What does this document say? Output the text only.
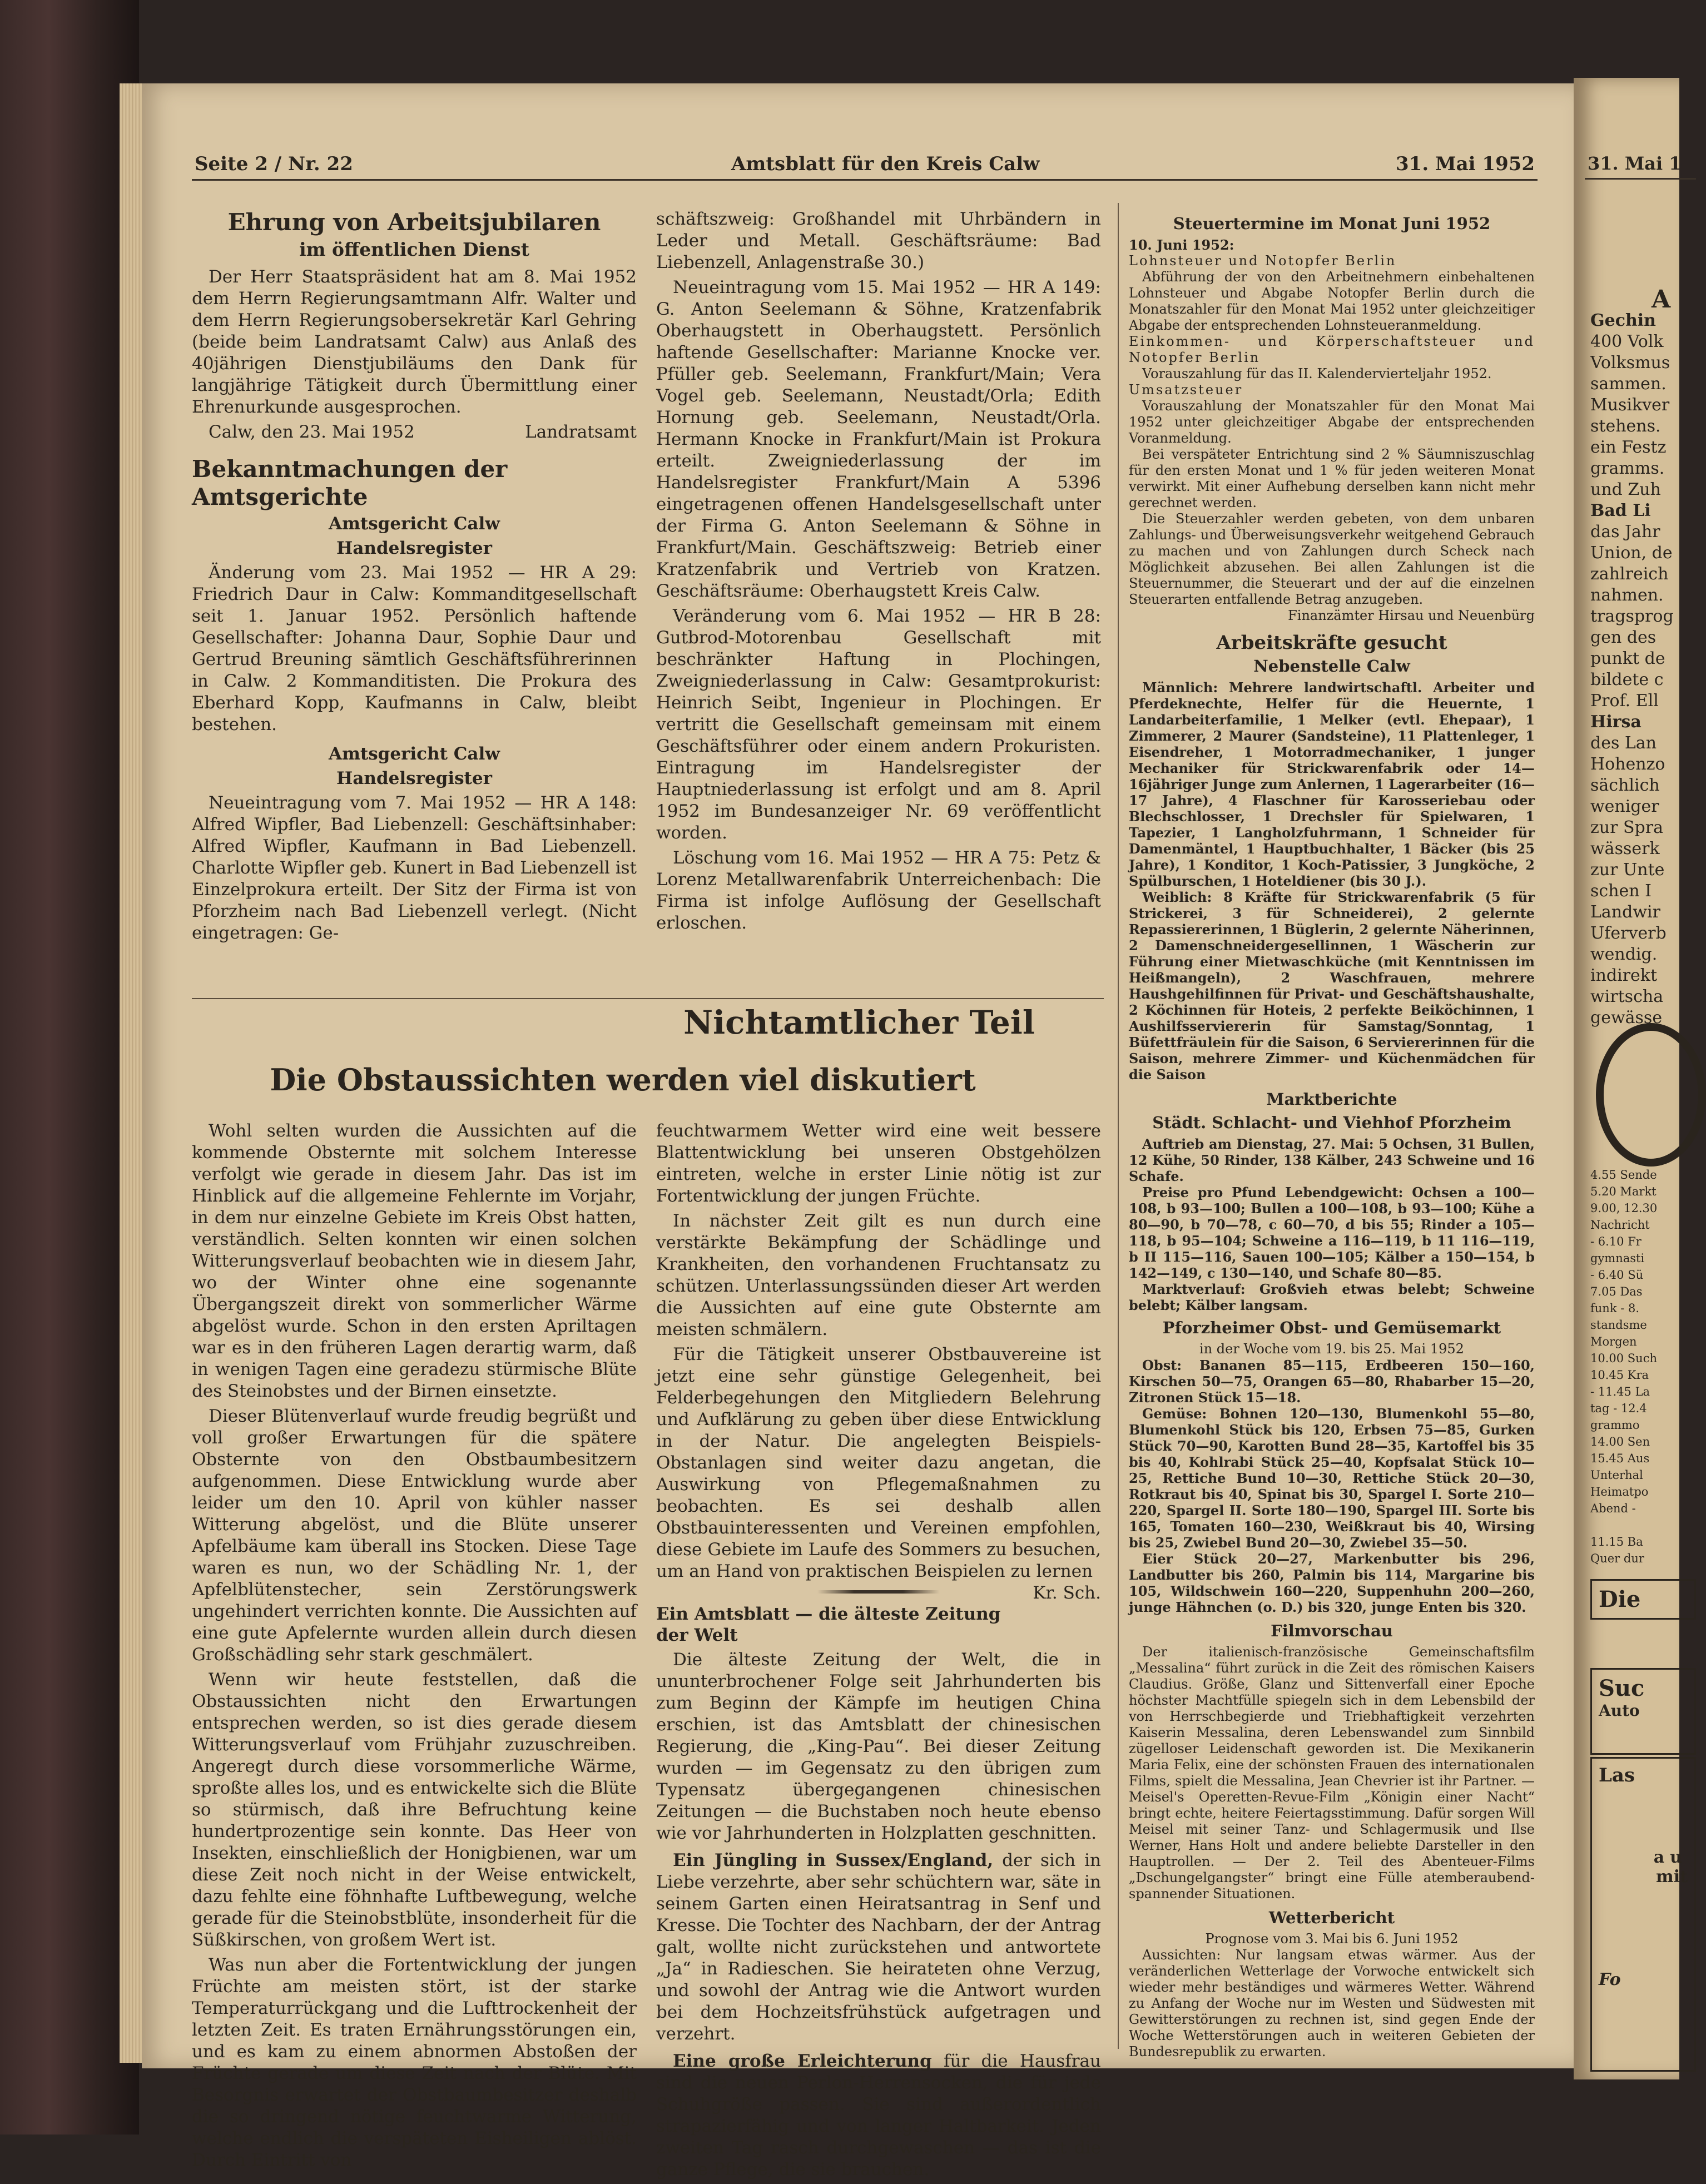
Seite 2 / Nr. 22	Amtsblatt für den Kreis Calw	31. Mai 1952
Ehrung von Arbeitsjubilaren
im öffentlichen Dienst

Der Herr Staatspräsident hat am 8. Mai 1952 dem Herrn Regierungsamtmann Alfr. Walter und dem Herrn Regierungsobersekretär Karl Gehring (beide beim Landratsamt Calw) aus Anlaß des 40jährigen Dienstjubiläums den Dank für langjährige Tätigkeit durch Übermittlung einer Ehrenurkunde ausgesprochen.

Calw, den 23. Mai 1952	Landratsamt

Bekanntmachungen der Amtsgerichte
Amtsgericht Calw
Handelsregister

Änderung vom 23. Mai 1952 — HR A 29: Friedrich Daur in Calw: Kommanditgesellschaft seit 1. Januar 1952. Persönlich haftende Gesellschafter: Johanna Daur, Sophie Daur und Gertrud Breuning sämtlich Geschäftsführerinnen in Calw. 2 Kommanditisten. Die Prokura des Eberhard Kopp, Kaufmanns in Calw, bleibt bestehen.

Amtsgericht Calw
Handelsregister

Neueintragung vom 7. Mai 1952 — HR A 148: Alfred Wipfler, Bad Liebenzell: Geschäftsinhaber: Alfred Wipfler, Kaufmann in Bad Liebenzell. Charlotte Wipfler geb. Kunert in Bad Liebenzell ist Einzelprokura erteilt. Der Sitz der Firma ist von Pforzheim nach Bad Liebenzell verlegt. (Nicht eingetragen: Ge-

schäftszweig: Großhandel mit Uhrbändern in Leder und Metall. Geschäftsräume: Bad Liebenzell, Anlagenstraße 30.)

Neueintragung vom 15. Mai 1952 — HR A 149: G. Anton Seelemann & Söhne, Kratzenfabrik Oberhaugstett in Oberhaugstett. Persönlich haftende Gesellschafter: Marianne Knocke ver. Pfüller geb. Seelemann, Frankfurt/Main; Vera Vogel geb. Seelemann, Neustadt/Orla; Edith Hornung geb. Seelemann, Neustadt/Orla. Hermann Knocke in Frankfurt/Main ist Prokura erteilt. Zweigniederlassung der im Handelsregister Frankfurt/Main A 5396 eingetragenen offenen Handelsgesellschaft unter der Firma G. Anton Seelemann & Söhne in Frankfurt/Main. Geschäftszweig: Betrieb einer Kratzenfabrik und Vertrieb von Kratzen. Geschäftsräume: Oberhaugstett Kreis Calw.

Veränderung vom 6. Mai 1952 — HR B 28: Gutbrod-Motorenbau Gesellschaft mit beschränkter Haftung in Plochingen, Zweigniederlassung in Calw: Gesamtprokurist: Heinrich Seibt, Ingenieur in Plochingen. Er vertritt die Gesellschaft gemeinsam mit einem Geschäftsführer oder einem andern Prokuristen. Eintragung im Handelsregister der Hauptniederlassung ist erfolgt und am 8. April 1952 im Bundesanzeiger Nr. 69 veröffentlicht worden.

Löschung vom 16. Mai 1952 — HR A 75: Petz & Lorenz Metallwarenfabrik Unterreichenbach: Die Firma ist infolge Auflösung der Gesellschaft erloschen.

Nichtamtlicher Teil
Die Obstaussichten werden viel diskutiert

Wohl selten wurden die Aussichten auf die kommende Obsternte mit solchem Interesse verfolgt wie gerade in diesem Jahr. Das ist im Hinblick auf die allgemeine Fehlernte im Vorjahr, in dem nur einzelne Gebiete im Kreis Obst hatten, verständlich. Selten konnten wir einen solchen Witterungsverlauf beobachten wie in diesem Jahr, wo der Winter ohne eine sogenannte Übergangszeit direkt von sommerlicher Wärme abgelöst wurde. Schon in den ersten Apriltagen war es in den früheren Lagen derartig warm, daß in wenigen Tagen eine geradezu stürmische Blüte des Steinobstes und der Birnen einsetzte.

Dieser Blütenverlauf wurde freudig begrüßt und voll großer Erwartungen für die spätere Obsternte von den Obstbaumbesitzern aufgenommen. Diese Entwicklung wurde aber leider um den 10. April von kühler nasser Witterung abgelöst, und die Blüte unserer Apfelbäume kam überall ins Stocken. Diese Tage waren es nun, wo der Schädling Nr. 1, der Apfelblütenstecher, sein Zerstörungswerk ungehindert verrichten konnte. Die Aussichten auf eine gute Apfelernte wurden allein durch diesen Großschädling sehr stark geschmälert.

Wenn wir heute feststellen, daß die Obstaussichten nicht den Erwartungen entsprechen werden, so ist dies gerade diesem Witterungsverlauf vom Frühjahr zuzuschreiben. Angeregt durch diese vorsommerliche Wärme, sproßte alles los, und es entwickelte sich die Blüte so stürmisch, daß ihre Befruchtung keine hundertprozentige sein konnte. Das Heer von Insekten, einschließlich der Honigbienen, war um diese Zeit noch nicht in der Weise entwickelt, dazu fehlte eine föhnhafte Luftbewegung, welche gerade für die Steinobstblüte, insonderheit für die Süßkirschen, von großem Wert ist.

Was nun aber die Fortentwicklung der jungen Früchte am meisten stört, ist der starke Temperaturrückgang und die Lufttrockenheit der letzten Zeit. Es traten Ernährungsstörungen ein, und es kam zu einem abnormen Abstoßen der Früchte gerade um diese Zeit nach der Blüte. Mit Besorgnis erwartet der Obstbaumbesitzer deshalb die so dringend nötige feuchtwarme Witterung, welche endlich die verspäteten Eisheiligen ablöst. Durch Eintritt von

feuchtwarmem Wetter wird eine weit bessere Blattentwicklung bei unseren Obstgehölzen eintreten, welche in erster Linie nötig ist zur Fortentwicklung der jungen Früchte.

In nächster Zeit gilt es nun durch eine verstärkte Bekämpfung der Schädlinge und Krankheiten, den vorhandenen Fruchtansatz zu schützen. Unterlassungssünden dieser Art werden die Aussichten auf eine gute Obsternte am meisten schmälern.

Für die Tätigkeit unserer Obstbauvereine ist jetzt eine sehr günstige Gelegenheit, bei Felderbegehungen den Mitgliedern Belehrung und Aufklärung zu geben über diese Entwicklung in der Natur. Die angelegten Beispiels-Obstanlagen sind weiter dazu angetan, die Auswirkung von Pflegemaßnahmen zu beobachten. Es sei deshalb allen Obstbauinteressenten und Vereinen empfohlen, diese Gebiete im Laufe des Sommers zu besuchen, um an Hand von praktischen Beispielen zu lernen
Kr. Sch.

Ein Amtsblatt — die älteste Zeitung der Welt

Die älteste Zeitung der Welt, die in ununterbrochener Folge seit Jahrhunderten bis zum Beginn der Kämpfe im heutigen China erschien, ist das Amtsblatt der chinesischen Regierung, die „King-Pau“. Bei dieser Zeitung wurden — im Gegensatz zu den übrigen zum Typensatz übergegangenen chinesischen Zeitungen — die Buchstaben noch heute ebenso wie vor Jahrhunderten in Holzplatten geschnitten.

Ein Jüngling in Sussex/England, der sich in Liebe verzehrte, aber sehr schüchtern war, säte in seinem Garten einen Heiratsantrag in Senf und Kresse. Die Tochter des Nachbarn, der der Antrag galt, wollte nicht zurückstehen und antwortete „Ja“ in Radieschen. Sie heirateten ohne Verzug, und sowohl der Antrag wie die Antwort wurden bei dem Hochzeitsfrühstück aufgetragen und verzehrt.

Eine große Erleichterung für die Hausfrau sind die neuen Perlon-Herrensocken, die für jede Schuhgröße passen. Sie sind außerordentlich strapazierfähig und von langer Haltbarkeit. Jeden zweiten Tag rasch durchgewaschen — das ist die ganze Pflege, die sie brauchen.

Steuertermine im Monat Juni 1952

10. Juni 1952:

Lohnsteuer und Notopfer Berlin

Abführung der von den Arbeitnehmern einbehaltenen Lohnsteuer und Abgabe Notopfer Berlin durch die Monatszahler für den Monat Mai 1952 unter gleichzeitiger Abgabe der entsprechenden Lohnsteueranmeldung.

Einkommen- und Körperschaftsteuer und Notopfer Berlin

Vorauszahlung für das II. Kalendervierteljahr 1952.

Umsatzsteuer

Vorauszahlung der Monatszahler für den Monat Mai 1952 unter gleichzeitiger Abgabe der entsprechenden Voranmeldung.

Bei verspäteter Entrichtung sind 2 % Säumniszuschlag für den ersten Monat und 1 % für jeden weiteren Monat verwirkt. Mit einer Aufhebung derselben kann nicht mehr gerechnet werden.

Die Steuerzahler werden gebeten, von dem unbaren Zahlungs- und Überweisungsverkehr weitgehend Gebrauch zu machen und von Zahlungen durch Scheck nach Möglichkeit abzusehen. Bei allen Zahlungen ist die Steuernummer, die Steuerart und der auf die einzelnen Steuerarten entfallende Betrag anzugeben.

Finanzämter Hirsau und Neuenbürg

Arbeitskräfte gesucht
Nebenstelle Calw

Männlich: Mehrere landwirtschaftl. Arbeiter und Pferdeknechte, Helfer für die Heuernte, 1 Landarbeiterfamilie, 1 Melker (evtl. Ehepaar), 1 Zimmerer, 2 Maurer (Sandsteine), 11 Plattenleger, 1 Eisendreher, 1 Motorradmechaniker, 1 junger Mechaniker für Strickwarenfabrik oder 14—16jähriger Junge zum Anlernen, 1 Lagerarbeiter (16—17 Jahre), 4 Flaschner für Karosseriebau oder Blechschlosser, 1 Drechsler für Spielwaren, 1 Tapezier, 1 Langholzfuhrmann, 1 Schneider für Damenmäntel, 1 Hauptbuchhalter, 1 Bäcker (bis 25 Jahre), 1 Konditor, 1 Koch-Patissier, 3 Jungköche, 2 Spülburschen, 1 Hoteldiener (bis 30 J.).

Weiblich: 8 Kräfte für Strickwarenfabrik (5 für Strickerei, 3 für Schneiderei), 2 gelernte Repassiererinnen, 1 Büglerin, 2 gelernte Näherinnen, 2 Damenschneidergesellinnen, 1 Wäscherin zur Führung einer Mietwaschküche (mit Kenntnissen im Heißmangeln), 2 Waschfrauen, mehrere Haushgehilfinnen für Privat- und Geschäftshaushalte, 2 Köchinnen für Hoteis, 2 perfekte Beiköchinnen, 1 Aushilfsserviererin für Samstag/Sonntag, 1 Büfettfräulein für die Saison, 6 Serviererinnen für die Saison, mehrere Zimmer- und Küchenmädchen für die Saison

Marktberichte
Städt. Schlacht- und Viehhof Pforzheim

Auftrieb am Dienstag, 27. Mai: 5 Ochsen, 31 Bullen, 12 Kühe, 50 Rinder, 138 Kälber, 243 Schweine und 16 Schafe.

Preise pro Pfund Lebendgewicht: Ochsen a 100—108, b 93—100; Bullen a 100—108, b 93—100; Kühe a 80—90, b 70—78, c 60—70, d bis 55; Rinder a 105—118, b 95—104; Schweine a 116—119, b 11 116—119, b II 115—116, Sauen 100—105; Kälber a 150—154, b 142—149, c 130—140, und Schafe 80—85.

Marktverlauf: Großvieh etwas belebt; Schweine belebt; Kälber langsam.

Pforzheimer Obst- und Gemüsemarkt

in der Woche vom 19. bis 25. Mai 1952

Obst: Bananen 85—115, Erdbeeren 150—160, Kirschen 50—75, Orangen 65—80, Rhabarber 15—20, Zitronen Stück 15—18.

Gemüse: Bohnen 120—130, Blumenkohl 55—80, Blumenkohl Stück bis 120, Erbsen 75—85, Gurken Stück 70—90, Karotten Bund 28—35, Kartoffel bis 35 bis 40, Kohlrabi Stück 25—40, Kopfsalat Stück 10—25, Rettiche Bund 10—30, Rettiche Stück 20—30, Rotkraut bis 40, Spinat bis 30, Spargel I. Sorte 210—220, Spargel II. Sorte 180—190, Spargel III. Sorte bis 165, Tomaten 160—230, Weißkraut bis 40, Wirsing bis 25, Zwiebel Bund 20—30, Zwiebel 35—50.

Eier Stück 20—27, Markenbutter bis 296, Landbutter bis 260, Palmin bis 114, Margarine bis 105, Wildschwein 160—220, Suppenhuhn 200—260, junge Hähnchen (o. D.) bis 320, junge Enten bis 320.

Filmvorschau

Der italienisch-französische Gemeinschaftsfilm „Messalina“ führt zurück in die Zeit des römischen Kaisers Claudius. Größe, Glanz und Sittenverfall einer Epoche höchster Machtfülle spiegeln sich in dem Lebensbild der von Herrschbegierde und Triebhaftigkeit verzehrten Kaiserin Messalina, deren Lebenswandel zum Sinnbild zügelloser Leidenschaft geworden ist. Die Mexikanerin Maria Felix, eine der schönsten Frauen des internationalen Films, spielt die Messalina, Jean Chevrier ist ihr Partner. — Meisel's Operetten-Revue-Film „Königin einer Nacht“ bringt echte, heitere Feiertagsstimmung. Dafür sorgen Will Meisel mit seiner Tanz- und Schlagermusik und Ilse Werner, Hans Holt und andere beliebte Darsteller in den Hauptrollen. — Der 2. Teil des Abenteuer-Films „Dschungelgangster“ bringt eine Fülle atemberaubend-spannender Situationen.

Wetterbericht

Prognose vom 3. Mai bis 6. Juni 1952

Aussichten: Nur langsam etwas wärmer. Aus der veränderlichen Wetterlage der Vorwoche entwickelt sich wieder mehr beständiges und wärmeres Wetter. Während zu Anfang der Woche nur im Westen und Südwesten mit Gewitterstörungen zu rechnen ist, sind gegen Ende der Woche Wetterstörungen auch in weiteren Gebieten der Bundesrepublik zu erwarten.

31. Mai 1
A
Gechin
400 Volk
Volksmus
sammen.
Musikver
stehens.
ein Festz
gramms.
und Zuh
Bad Li
das Jahr
Union, de
zahlreich
nahmen.
tragsprog
gen des
punkt de
bildete c
Prof. Ell
Hirsa
des Lan
Hohenzo
sächlich
weniger
zur Spra
wässerk
zur Unte
schen I
Landwir
Uferverb
wendig.
indirekt
wirtscha
gewässe
4.55 Sende
5.20 Markt
9.00, 12.30
Nachricht
- 6.10 Fr
gymnasti
- 6.40 Sü
7.05 Das
funk - 8.
standsme
Morgen
10.00 Such
10.45 Kra
- 11.45 La
tag - 12.4
grammo
14.00 Sen
15.45 Aus
Unterhal
Heimatpo
Abend -
11.15 Ba
Quer dur
Die
Suc
Auto
Las
au
mit
Fo
